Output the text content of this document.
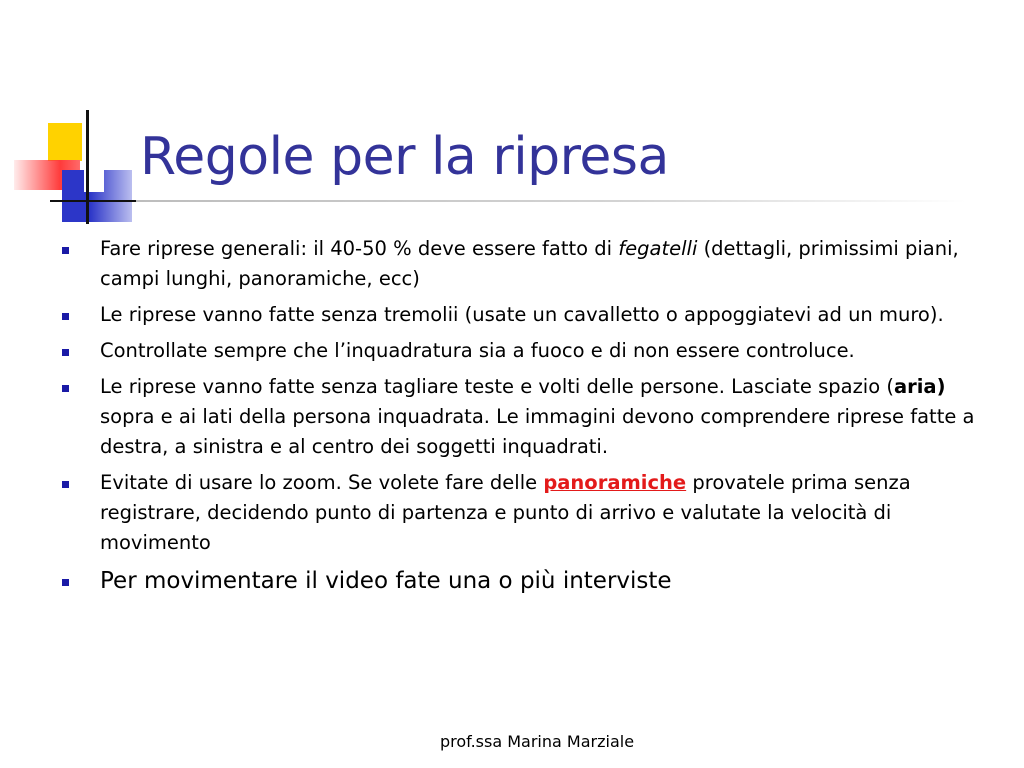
Regole per la ripresa
Fare riprese generali: il 40-50 % deve essere fatto di fegatelli (dettagli, primissimi piani, campi lunghi, panoramiche, ecc)
Le riprese vanno fatte senza tremolii (usate un cavalletto o appoggiatevi ad un muro).
Controllate sempre che l’inquadratura sia a fuoco e di non essere controluce.
Le riprese vanno fatte senza tagliare teste e volti delle persone. Lasciate spazio (aria) sopra e ai lati della persona inquadrata. Le immagini devono comprendere riprese fatte a destra, a sinistra e al centro dei soggetti inquadrati.
Evitate di usare lo zoom. Se volete fare delle panoramiche provatele prima senza registrare, decidendo punto di partenza e punto di arrivo e valutate la velocità di movimento
Per movimentare il video fate una o più interviste
prof.ssa Marina Marziale
